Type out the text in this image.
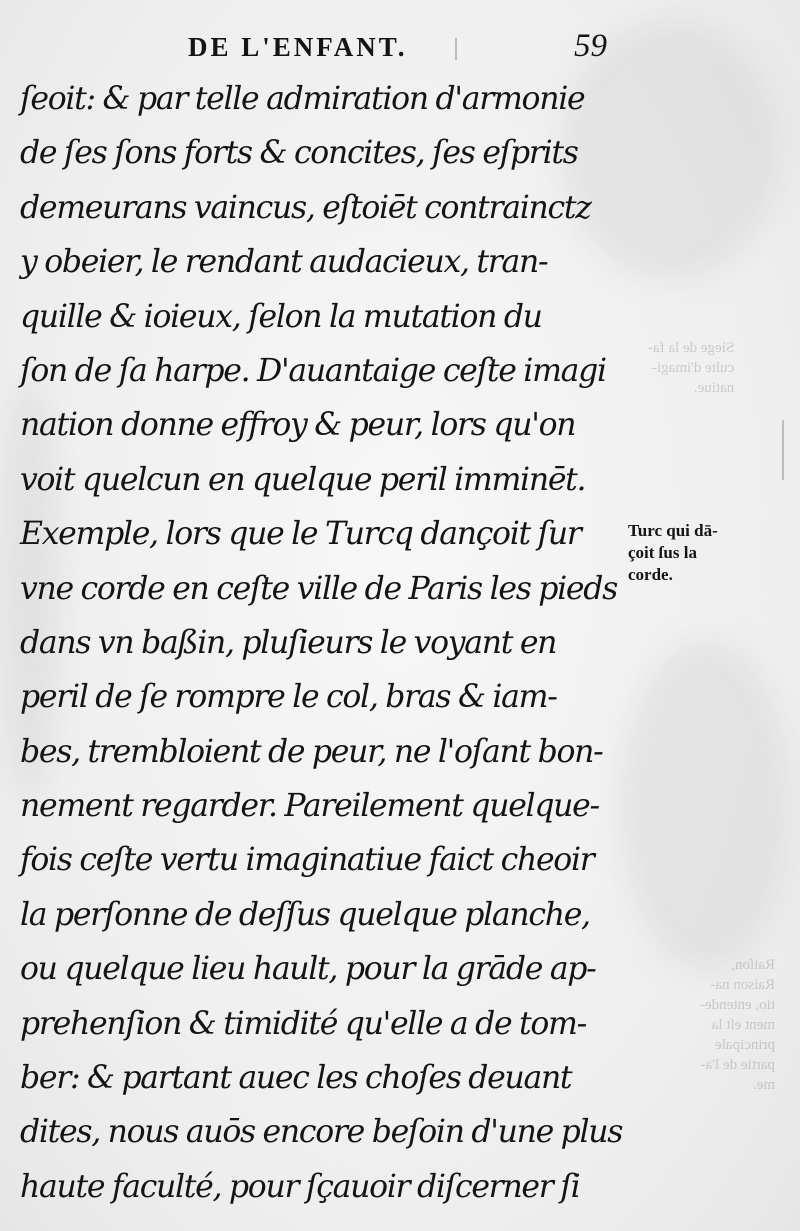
Siege de la fa-
culte d'imagi-
natiue.
Raiſon,
Raison na-
tio, entende-
ment eſt la
principale
partie de l'a-
me.
DE L'ENFANT.	59
ſeoit: & par telle admiration d'armonie
de ſes ſons forts & concites, ſes eſprits
demeurans vaincus, eſtoiēt contrainctz
y obeier, le rendant audacieux, tran-
quille & ioieux, ſelon la mutation du
ſon de ſa harpe. D'auantaige ceſte imagi
nation donne effroy & peur, lors qu'on
voit quelcun en quelque peril imminēt.
Exemple, lors que le Turcq dançoit ſur
vne corde en ceſte ville de Paris les pieds
dans vn baßin, pluſieurs le voyant en
peril de ſe rompre le col, bras & iam-
bes, trembloient de peur, ne l'oſant bon-
nement regarder. Pareilement quelque-
fois ceſte vertu imaginatiue faict cheoir
la perſonne de deſſus quelque planche,
ou quelque lieu hault, pour la grāde ap-
prehenſion & timidité qu'elle a de tom-
ber: & partant auec les choſes deuant
dites, nous auōs encore beſoin d'une plus
haute faculté, pour ſçauoir diſcerner ſi
Turc qui dā-
çoit ſus la
corde.
